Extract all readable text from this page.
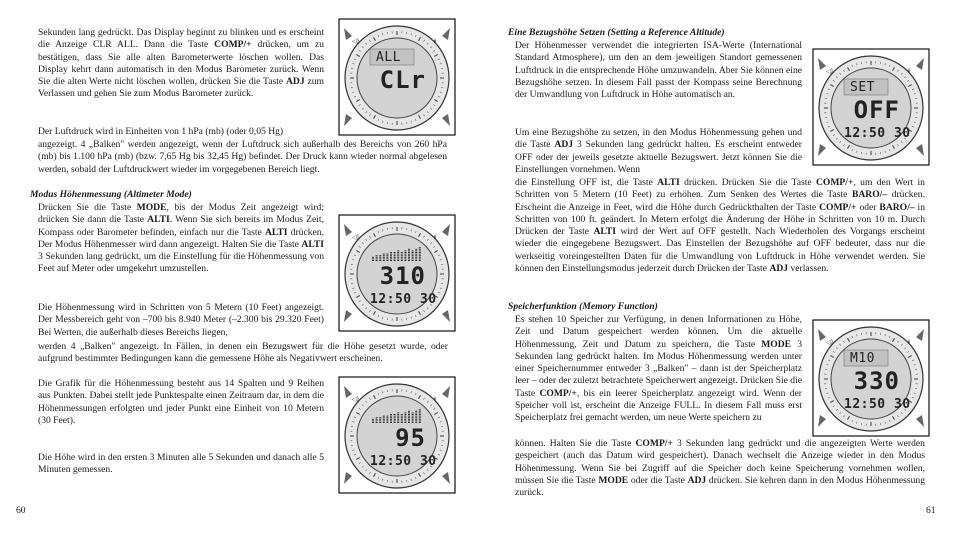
Sekunden lang gedrückt. Das Display beginnt zu blinken und es erscheint die Anzeige CLR ALL. Dann die Taste COMP/+ drücken, um zu bestätigen, dass Sie alle alten Barometerwerte löschen wollen. Das Display kehrt dann automatisch in den Modus Barometer zurück. Wenn Sie die alten Werte nicht löschen wollen, drücken Sie die Taste ADJ zum Verlassen und gehen Sie zum Modus Barometer zurück.

Der Luftdruck wird in Einheiten von 1 hPa (mb) (oder 0,05 Hg)

angezeigt. 4 „Balken" werden angezeigt, wenn der Luftdruck sich außerhalb des Bereichs von 260 hPa (mb) bis 1.100 hPa (mb) (bzw. 7,65 Hg bis 32,45 Hg) befindet. Der Druck kann wieder normal abgelesen werden, sobald der Luftdruckwert wieder im vorgegebenen Bereich liegt.

Modus Höhenmessung (Altimeter Mode)

Drücken Sie die Taste MODE, bis der Modus Zeit angezeigt wird; drücken Sie dann die Taste ALTI. Wenn Sie sich bereits im Modus Zeit, Kompass oder Barometer befinden, einfach nur die Taste ALTI drücken. Der Modus Höhenmesser wird dann angezeigt. Halten Sie die Taste ALTI 3 Sekunden lang gedrückt, um die Einstellung für die Höhenmessung von Feet auf Meter oder umgekehrt umzustellen.

Die Höhenmessung wird in Schritten von 5 Metern (10 Feet) angezeigt. Der Messbereich geht von –700 bis 8.940 Meter (–2.300 bis 29.320 Feet) Bei Werten, die außerhalb dieses Bereichs liegen,

werden 4 „Balken" angezeigt. In Fällen, in denen ein Bezugswert für die Höhe gesetzt wurde, oder aufgrund bestimmter Bedingungen kann die gemessene Höhe als Negativwert erscheinen.

Die Grafik für die Höhenmessung besteht aus 14 Spalten und 9 Reihen aus Punkten. Dabei stellt jede Punktespalte einen Zeitraum dar, in dem die Höhenmessungen erfolgten und jeder Punkt eine Einheit von 10 Metern (30 Feet).

Die Höhe wird in den ersten 3 Minuten alle 5 Sekunden und danach alle 5 Minuten gemessen.

60

Eine Bezugshöhe Setzen (Setting a Reference Altitude)

Der Höhenmesser verwendet die integrierten ISA-Werte (International Standard Atmosphere), um den an dem jeweiligen Standort gemessenen Luftdruck in die entsprechende Höhe umzuwandeln. Aber Sie können eine Bezugshöhe setzen. In diesem Fall passt der Kompass seine Berechnung der Umwandlung von Luftdruck in Höhe automatisch an.

Um eine Bezugshöhe zu setzen, in den Modus Höhenmessung gehen und die Taste ADJ 3 Sekunden lang gedrückt halten. Es erscheint entweder OFF oder der jeweils gesetzte aktuelle Bezugswert. Jetzt können Sie die Einstellungen vornehmen. Wenn

die Einstellung OFF ist, die Taste ALTI drücken. Drücken Sie die Taste COMP/+, um den Wert in Schritten von 5 Metern (10 Feet) zu erhöhen. Zum Senken des Wertes die Taste BARO/– drücken. Erscheint die Anzeige in Feet, wird die Höhe durch Gedrückthalten der Taste COMP/+ oder BARO/– in Schritten von 100 ft. geändert. In Metern erfolgt die Änderung der Höhe in Schritten von 10 m. Durch Drücken der Taste ALTI wird der Wert auf OFF gestellt. Nach Wiederholen des Vorgangs erscheint wieder die eingegebene Bezugswert. Das Einstellen der Bezugshöhe auf OFF bedeutet, dass nur die werkseitig voreingestellten Daten für die Umwandlung von Luftdruck in Höhe verwendet werden. Sie können den Einstellungsmodus jederzeit durch Drücken der Taste ADJ verlassen.

Speicherfunktion (Memory Function)

Es stehen 10 Speicher zur Verfügung, in denen Informationen zu Höhe, Zeit und Datum gespeichert werden können. Um die aktuelle Höhenmessung, Zeit und Datum zu speichern, die Taste MODE 3 Sekunden lang gedrückt halten. Im Modus Höhenmessung werden unter einer Speichernummer entweder 3 „Balken" – dann ist der Speicherplatz leer – oder der zuletzt betrachtete Speicherwert angezeigt. Drücken Sie die Taste COMP/+, bis ein leerer Speicherplatz angezeigt wird. Wenn der Speicher voll ist, erscheint die Anzeige FULL. In diesem Fall muss erst Speicherplatz frei gemacht werden, um neue Werte speichern zu

können. Halten Sie die Taste COMP/+ 3 Sekunden lang gedrückt und die angezeigten Werte werden gespeichert (auch das Datum wird gespeichert). Danach wechselt die Anzeige wieder in den Modus Höhenmessung. Wenn Sie bei Zugriff auf die Speicher doch keine Speicherung vornehmen wollen, müssen Sie die Taste MODE oder die Taste ADJ drücken. Sie kehren dann in den Modus Höhenmessung zurück.

61
◁)	ℹ
ALL
CLr
◁)	ℹ
310
12:50 30
◁)	ℹ
95
12:50 30
◁)	ℹ
SET
OFF
12:50 30
◁)	ℹ
M10
330
12:50 30
